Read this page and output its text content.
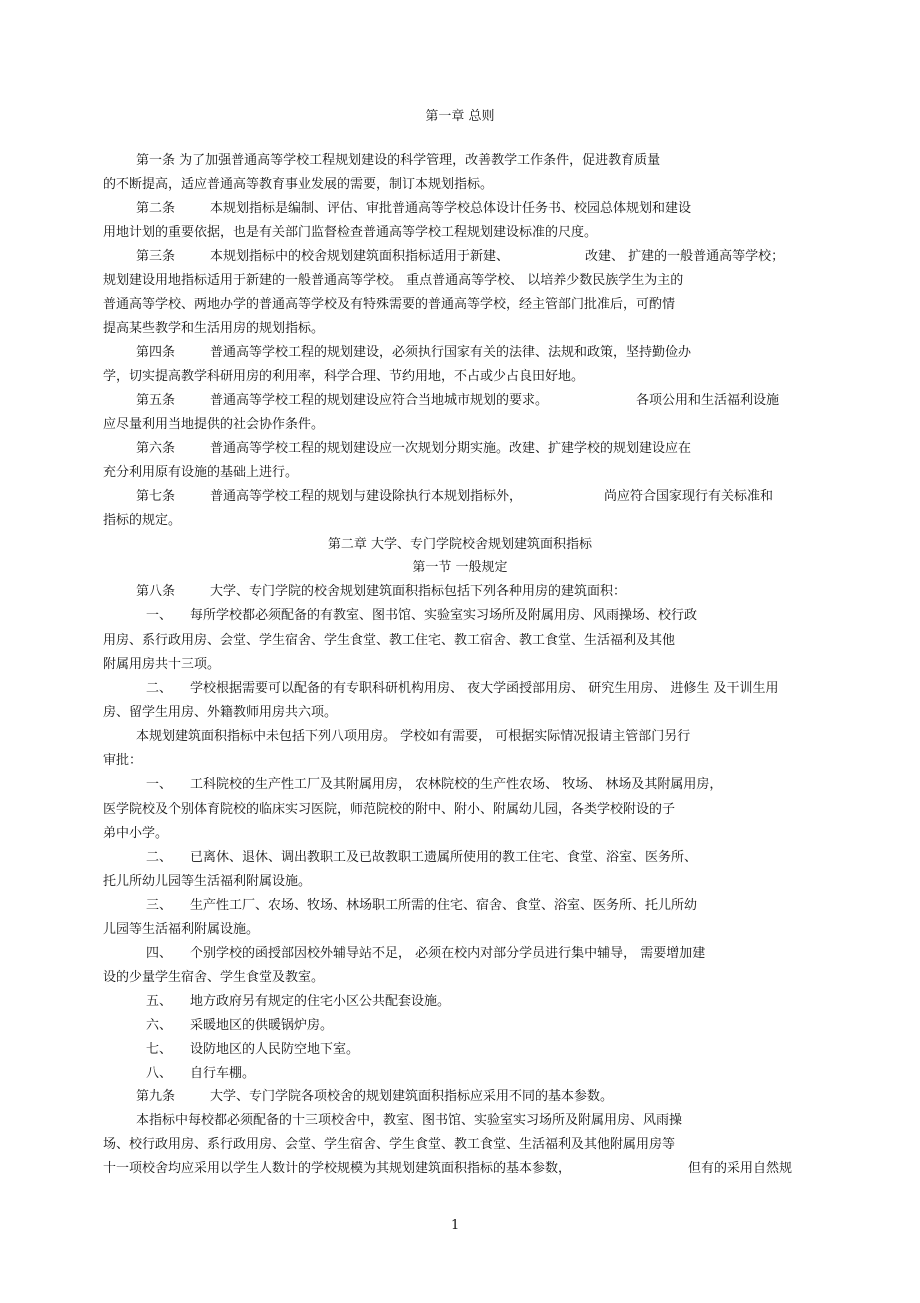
第一章 总则
第一条 为了加强普通高等学校工程规划建设的科学管理，改善教学工作条件，促进教育质量
的不断提高，适应普通高等教育事业发展的需要，制订本规划指标。
第二条	本规划指标是编制、评估、审批普通高等学校总体设计任务书、校园总体规划和建设
用地计划的重要依据，也是有关部门监督检查普通高等学校工程规划建设标准的尺度。
第三条	本规划指标中的校舍规划建筑面积指标适用于新建、	改建、 扩建的一般普通高等学校；
规划建设用地指标适用于新建的一般普通高等学校。 重点普通高等学校、 以培养少数民族学生为主的
普通高等学校、两地办学的普通高等学校及有特殊需要的普通高等学校，经主管部门批准后，可酌情
提高某些教学和生活用房的规划指标。
第四条	普通高等学校工程的规划建设，必须执行国家有关的法律、法规和政策，坚持勤俭办
学，切实提高教学科研用房的利用率，科学合理、节约用地，不占或少占良田好地。
第五条	普通高等学校工程的规划建设应符合当地城市规划的要求。	各项公用和生活福利设施
应尽量利用当地提供的社会协作条件。
第六条	普通高等学校工程的规划建设应一次规划分期实施。改建、扩建学校的规划建设应在
充分利用原有设施的基础上进行。
第七条	普通高等学校工程的规划与建设除执行本规划指标外，	尚应符合国家现行有关标准和
指标的规定。
第二章 大学、专门学院校舍规划建筑面积指标
第一节 一般规定
第八条	大学、专门学院的校舍规划建筑面积指标包括下列各种用房的建筑面积：
一、 每所学校都必须配备的有教室、图书馆、实验室实习场所及附属用房、风雨操场、校行政
用房、系行政用房、会堂、学生宿舍、学生食堂、教工住宅、教工宿舍、教工食堂、生活福利及其他
附属用房共十三项。
二、 学校根据需要可以配备的有专职科研机构用房、 夜大学函授部用房、 研究生用房、 进修生 及干训生用
房、留学生用房、外籍教师用房共六项。
本规划建筑面积指标中未包括下列八项用房。 学校如有需要， 可根据实际情况报请主管部门另行
审批：
一、 工科院校的生产性工厂及其附属用房， 农林院校的生产性农场、 牧场、 林场及其附属用房，
医学院校及个别体育院校的临床实习医院，师范院校的附中、附小、附属幼儿园，各类学校附设的子
弟中小学。
二、 已离休、退休、调出教职工及已故教职工遗属所使用的教工住宅、食堂、浴室、医务所、
托儿所幼儿园等生活福利附属设施。
三、 生产性工厂、农场、牧场、林场职工所需的住宅、宿舍、食堂、浴室、医务所、托儿所幼
儿园等生活福利附属设施。
四、 个别学校的函授部因校外辅导站不足， 必须在校内对部分学员进行集中辅导， 需要增加建
设的少量学生宿舍、学生食堂及教室。
五、 地方政府另有规定的住宅小区公共配套设施。
六、 采暖地区的供暖锅炉房。
七、 设防地区的人民防空地下室。
八、 自行车棚。
第九条	大学、专门学院各项校舍的规划建筑面积指标应采用不同的基本参数。
本指标中每校都必须配备的十三项校舍中，教室、图书馆、实验室实习场所及附属用房、风雨操
场、校行政用房、系行政用房、会堂、学生宿舍、学生食堂、教工食堂、生活福利及其他附属用房等
十一项校舍均应采用以学生人数计的学校规模为其规划建筑面积指标的基本参数，	但有的采用自然规
1
